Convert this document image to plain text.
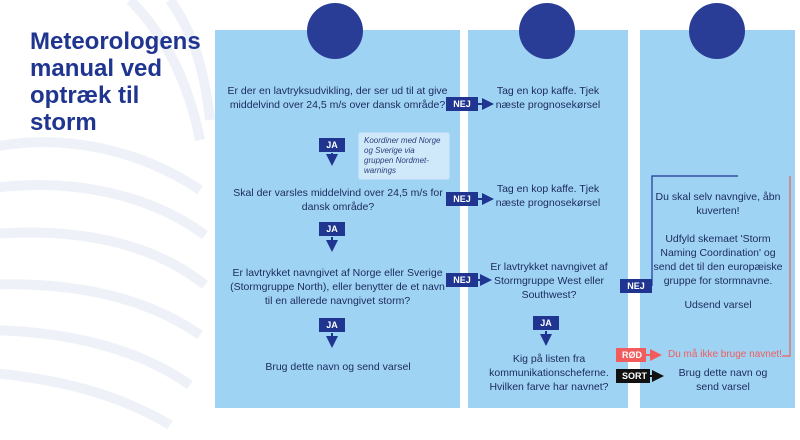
Meteorologens manual ved optræk til storm
Er der en lavtryksudvikling, der ser ud til at give middelvind over 24,5 m/s over dansk område?
JA	Koordiner med Norge og Sverige via gruppen Nordmet-warnings
Skal der varsles middelvind over 24,5 m/s for dansk område?
JA
Er lavtrykket navngivet af Norge eller Sverige (Stormgruppe North), eller benytter de et navn til en allerede navngivet storm?
JA
Brug dette navn og send varsel
NEJ
Tag en kop kaffe. Tjek næste prognosekørsel
NEJ
Tag en kop kaffe. Tjek næste prognosekørsel
NEJ
Er lavtrykket navngivet af Stormgruppe West eller Southwest?
JA
Kig på listen fra kommunikationscheferne. Hvilken farve har navnet?
NEJ
Du skal selv navngive, åbn kuverten!
Udfyld skemaet 'Storm Naming Coordination' og send det til den europæiske gruppe for stormnavne.
Udsend varsel
RØD	Du må ikke bruge navnet!
SORT	Brug dette navn og send varsel
